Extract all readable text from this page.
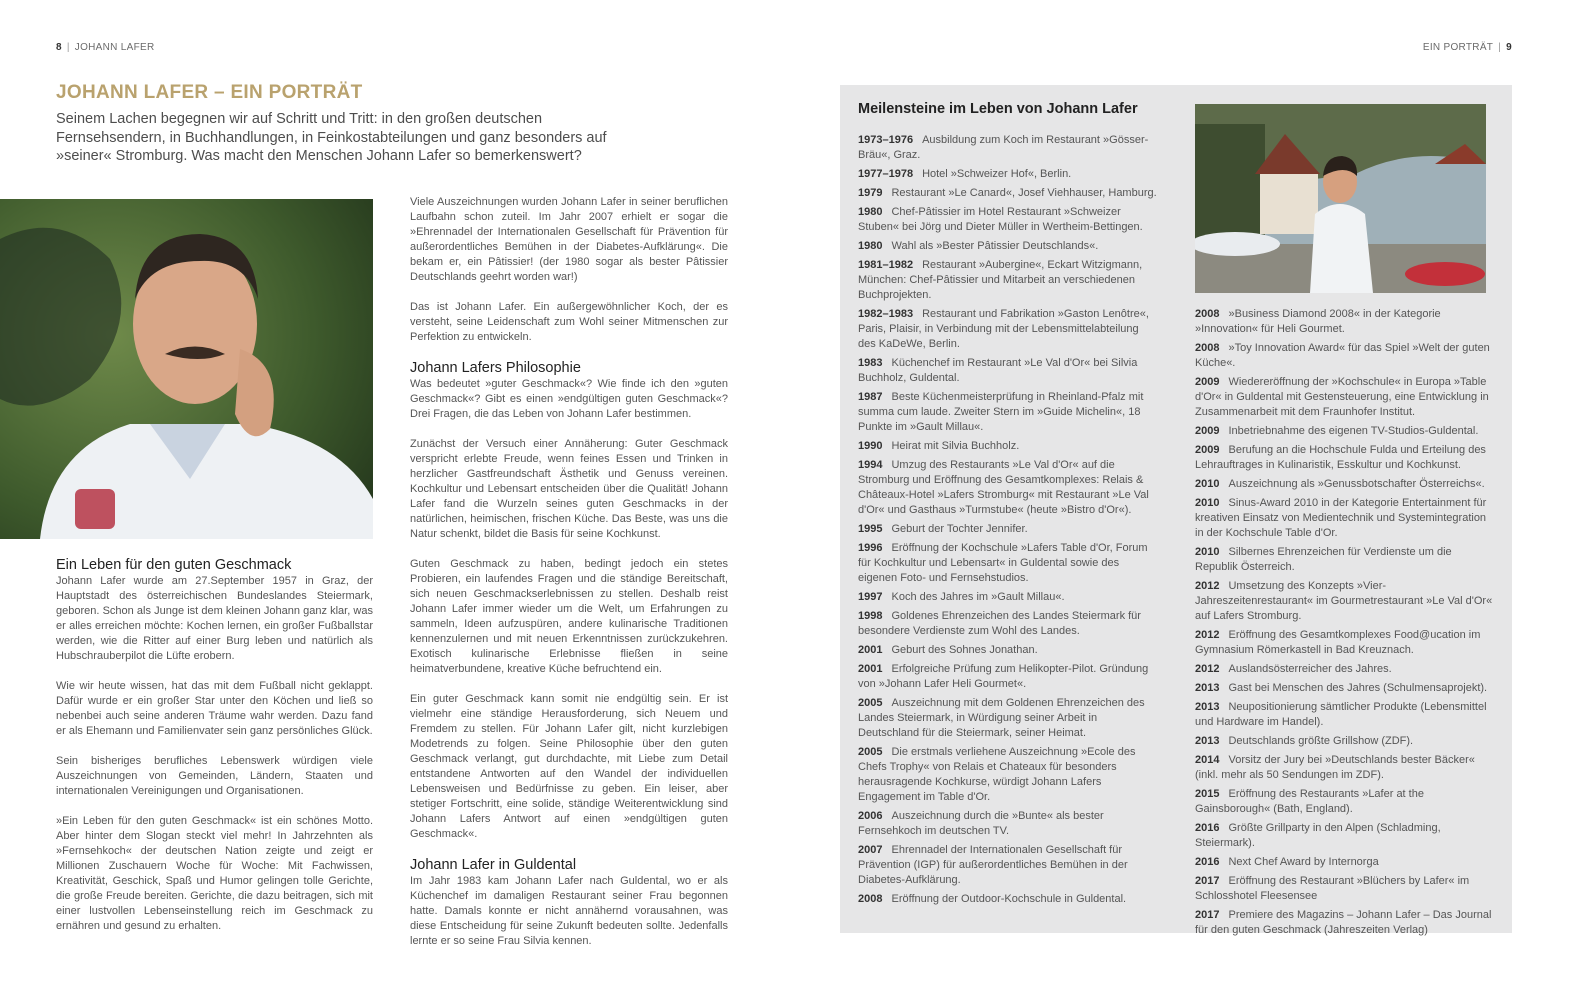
8 | JOHANN LAFER	EIN PORTRÄT | 9
JOHANN LAFER – EIN PORTRÄT

Seinem Lachen begegnen wir auf Schritt und Tritt: in den großen deutschen Fernsehsendern, in Buchhandlungen, in Feinkostabteilungen und ganz besonders auf »seiner« Stromburg. Was macht den Menschen Johann Lafer so bemerkenswert?

Ein Leben für den guten Geschmack

Johann Lafer wurde am 27.September 1957 in Graz, der Hauptstadt des österreichischen Bundeslandes Steiermark, geboren. Schon als Junge ist dem kleinen Johann ganz klar, was er alles erreichen möchte: Kochen lernen, ein großer Fußballstar werden, wie die Ritter auf einer Burg leben und natürlich als Hubschrauberpilot die Lüfte erobern.

Wie wir heute wissen, hat das mit dem Fußball nicht geklappt. Dafür wurde er ein großer Star unter den Köchen und ließ so nebenbei auch seine anderen Träume wahr werden. Dazu fand er als Ehemann und Familienvater sein ganz persönliches Glück.

Sein bisheriges berufliches Lebenswerk würdigen viele Auszeichnungen von Gemeinden, Ländern, Staaten und internationalen Vereinigungen und Organisationen.

»Ein Leben für den guten Geschmack« ist ein schönes Motto. Aber hinter dem Slogan steckt viel mehr! In Jahrzehnten als »Fernsehkoch« der deutschen Nation zeigte und zeigt er Millionen Zuschauern Woche für Woche: Mit Fachwissen, Kreativität, Geschick, Spaß und Humor gelingen tolle Gerichte, die große Freude bereiten. Gerichte, die dazu beitragen, sich mit einer lustvollen Lebenseinstellung reich im Geschmack zu ernähren und gesund zu erhalten.

Viele Auszeichnungen wurden Johann Lafer in seiner beruflichen Laufbahn schon zuteil. Im Jahr 2007 erhielt er sogar die »Ehrennadel der Internationalen Gesellschaft für Prävention für außerordentliches Bemühen in der Diabetes-Aufklärung«. Die bekam er, ein Pâtissier! (der 1980 sogar als bester Pâtissier Deutschlands geehrt worden war!)

Das ist Johann Lafer. Ein außergewöhnlicher Koch, der es versteht, seine Leidenschaft zum Wohl seiner Mitmenschen zur Perfektion zu entwickeln.

Johann Lafers Philosophie

Was bedeutet »guter Geschmack«? Wie finde ich den »guten Geschmack«? Gibt es einen »endgültigen guten Geschmack«? Drei Fragen, die das Leben von Johann Lafer bestimmen.

Zunächst der Versuch einer Annäherung: Guter Geschmack verspricht erlebte Freude, wenn feines Essen und Trinken in herzlicher Gastfreundschaft Ästhetik und Genuss vereinen. Kochkultur und Lebensart entscheiden über die Qualität! Johann Lafer fand die Wurzeln seines guten Geschmacks in der natürlichen, heimischen, frischen Küche. Das Beste, was uns die Natur schenkt, bildet die Basis für seine Kochkunst.

Guten Geschmack zu haben, bedingt jedoch ein stetes Probieren, ein laufendes Fragen und die ständige Bereitschaft, sich neuen Geschmackserlebnissen zu stellen. Deshalb reist Johann Lafer immer wieder um die Welt, um Erfahrungen zu sammeln, Ideen aufzuspüren, andere kulinarische Traditionen kennenzulernen und mit neuen Erkenntnissen zurückzukehren. Exotisch kulinarische Erlebnisse fließen in seine heimatverbundene, kreative Küche befruchtend ein.

Ein guter Geschmack kann somit nie endgültig sein. Er ist vielmehr eine ständige Herausforderung, sich Neuem und Fremdem zu stellen. Für Johann Lafer gilt, nicht kurzlebigen Modetrends zu folgen. Seine Philosophie über den guten Geschmack verlangt, gut durchdachte, mit Liebe zum Detail entstandene Antworten auf den Wandel der individuellen Lebensweisen und Bedürfnisse zu geben. Ein leiser, aber stetiger Fortschritt, eine solide, ständige Weiterentwicklung sind Johann Lafers Antwort auf einen »endgültigen guten Geschmack«.

Johann Lafer in Guldental

Im Jahr 1983 kam Johann Lafer nach Guldental, wo er als Küchenchef im damaligen Restaurant seiner Frau begonnen hatte. Damals konnte er nicht annähernd vorausahnen, was diese Entscheidung für seine Zukunft bedeuten sollte. Jedenfalls lernte er so seine Frau Silvia kennen.

Meilensteine im Leben von Johann Lafer
1973–1976 Ausbildung zum Koch im Restaurant »Gösser-Bräu«, Graz.
1977–1978 Hotel »Schweizer Hof«, Berlin.
1979 Restaurant »Le Canard«, Josef Viehhauser, Hamburg.
1980 Chef-Pâtissier im Hotel Restaurant »Schweizer Stuben« bei Jörg und Dieter Müller in Wertheim-Bettingen.
1980 Wahl als »Bester Pâtissier Deutschlands«.
1981–1982 Restaurant »Aubergine«, Eckart Witzigmann, München: Chef-Pâtissier und Mitarbeit an verschiedenen Buchprojekten.
1982–1983 Restaurant und Fabrikation »Gaston Lenôtre«, Paris, Plaisir, in Verbindung mit der Lebensmittelabteilung des KaDeWe, Berlin.
1983 Küchenchef im Restaurant »Le Val d'Or« bei Silvia Buchholz, Guldental.
1987 Beste Küchenmeisterprüfung in Rheinland-Pfalz mit summa cum laude. Zweiter Stern im »Guide Michelin«, 18 Punkte im »Gault Millau«.
1990 Heirat mit Silvia Buchholz.
1994 Umzug des Restaurants »Le Val d'Or« auf die Stromburg und Eröffnung des Gesamtkomplexes: Relais & Châteaux-Hotel »Lafers Stromburg« mit Restaurant »Le Val d'Or« und Gasthaus »Turmstube« (heute »Bistro d'Or«).
1995 Geburt der Tochter Jennifer.
1996 Eröffnung der Kochschule »Lafers Table d'Or, Forum für Kochkultur und Lebensart« in Guldental sowie des eigenen Foto- und Fernsehstudios.
1997 Koch des Jahres im »Gault Millau«.
1998 Goldenes Ehrenzeichen des Landes Steiermark für besondere Verdienste zum Wohl des Landes.
2001 Geburt des Sohnes Jonathan.
2001 Erfolgreiche Prüfung zum Helikopter-Pilot. Gründung von »Johann Lafer Heli Gourmet«.
2005 Auszeichnung mit dem Goldenen Ehrenzeichen des Landes Steiermark, in Würdigung seiner Arbeit in Deutschland für die Steiermark, seiner Heimat.
2005 Die erstmals verliehene Auszeichnung »Ecole des Chefs Trophy« von Relais et Chateaux für besonders herausragende Kochkurse, würdigt Johann Lafers Engagement im Table d'Or.
2006 Auszeichnung durch die »Bunte« als bester Fernsehkoch im deutschen TV.
2007 Ehrennadel der Internationalen Gesellschaft für Prävention (IGP) für außerordentliches Bemühen in der Diabetes-Aufklärung.
2008 Eröffnung der Outdoor-Kochschule in Guldental.
2008 »Business Diamond 2008« in der Kategorie »Innovation« für Heli Gourmet.
2008 »Toy Innovation Award« für das Spiel »Welt der guten Küche«.
2009 Wiedereröffnung der »Kochschule« in Europa »Table d'Or« in Guldental mit Gestensteuerung, eine Entwicklung in Zusammenarbeit mit dem Fraunhofer Institut.
2009 Inbetriebnahme des eigenen TV-Studios-Guldental.
2009 Berufung an die Hochschule Fulda und Erteilung des Lehrauftrages in Kulinaristik, Esskultur und Kochkunst.
2010 Auszeichnung als »Genussbotschafter Österreichs«.
2010 Sinus-Award 2010 in der Kategorie Entertainment für kreativen Einsatz von Medientechnik und Systemintegration in der Kochschule Table d'Or.
2010 Silbernes Ehrenzeichen für Verdienste um die Republik Österreich.
2012 Umsetzung des Konzepts »Vier-Jahreszeitenrestaurant« im Gourmetrestaurant »Le Val d'Or« auf Lafers Stromburg.
2012 Eröffnung des Gesamtkomplexes Food@ucation im Gymnasium Römerkastell in Bad Kreuznach.
2012 Auslandsösterreicher des Jahres.
2013 Gast bei Menschen des Jahres (Schulmensaprojekt).
2013 Neupositionierung sämtlicher Produkte (Lebensmittel und Hardware im Handel).
2013 Deutschlands größte Grillshow (ZDF).
2014 Vorsitz der Jury bei »Deutschlands bester Bäcker« (inkl. mehr als 50 Sendungen im ZDF).
2015 Eröffnung des Restaurants »Lafer at the Gainsborough« (Bath, England).
2016 Größte Grillparty in den Alpen (Schladming, Steiermark).
2016 Next Chef Award by Internorga
2017 Eröffnung des Restaurant »Blüchers by Lafer« im Schlosshotel Fleesensee
2017 Premiere des Magazins – Johann Lafer – Das Journal für den guten Geschmack (Jahreszeiten Verlag)
